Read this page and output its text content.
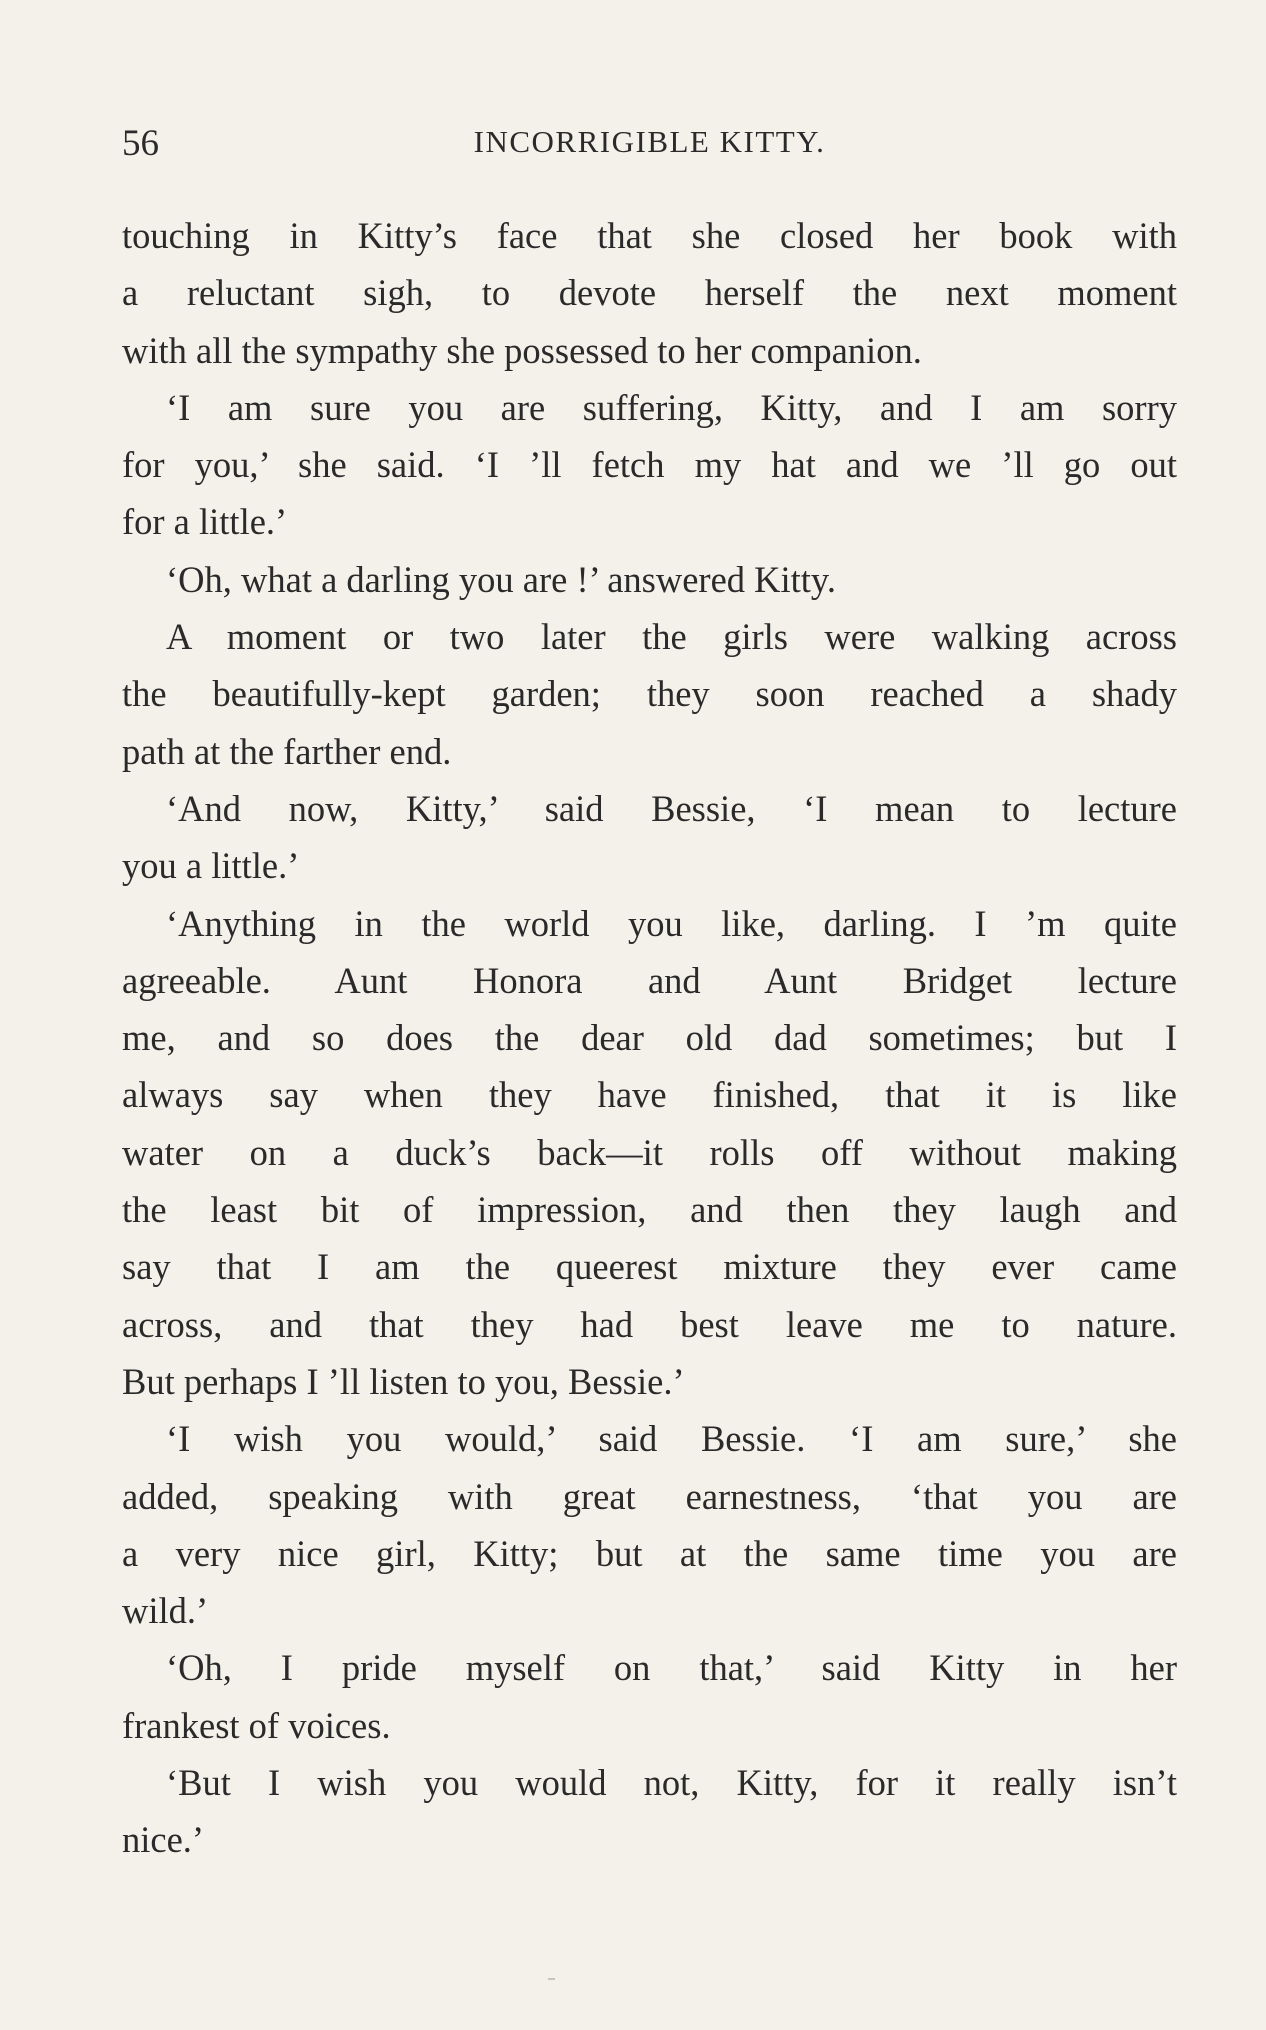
56	INCORRIGIBLE KITTY.
touching in Kitty’s face that she closed her book with
a reluctant sigh, to devote herself the next moment
with all the sympathy she possessed to her companion.
‘I am sure you are suffering, Kitty, and I am sorry
for you,’ she said. ‘I ’ll fetch my hat and we ’ll go out
for a little.’
‘Oh, what a darling you are !’ answered Kitty.
A moment or two later the girls were walking across
the beautifully-kept garden; they soon reached a shady
path at the farther end.
‘And now, Kitty,’ said Bessie, ‘I mean to lecture
you a little.’
‘Anything in the world you like, darling. I ’m quite
agreeable. Aunt Honora and Aunt Bridget lecture
me, and so does the dear old dad sometimes; but I
always say when they have finished, that it is like
water on a duck’s back—it rolls off without making
the least bit of impression, and then they laugh and
say that I am the queerest mixture they ever came
across, and that they had best leave me to nature.
But perhaps I ’ll listen to you, Bessie.’
‘I wish you would,’ said Bessie. ‘I am sure,’ she
added, speaking with great earnestness, ‘that you are
a very nice girl, Kitty; but at the same time you are
wild.’
‘Oh, I pride myself on that,’ said Kitty in her
frankest of voices.
‘But I wish you would not, Kitty, for it really isn’t
nice.’
